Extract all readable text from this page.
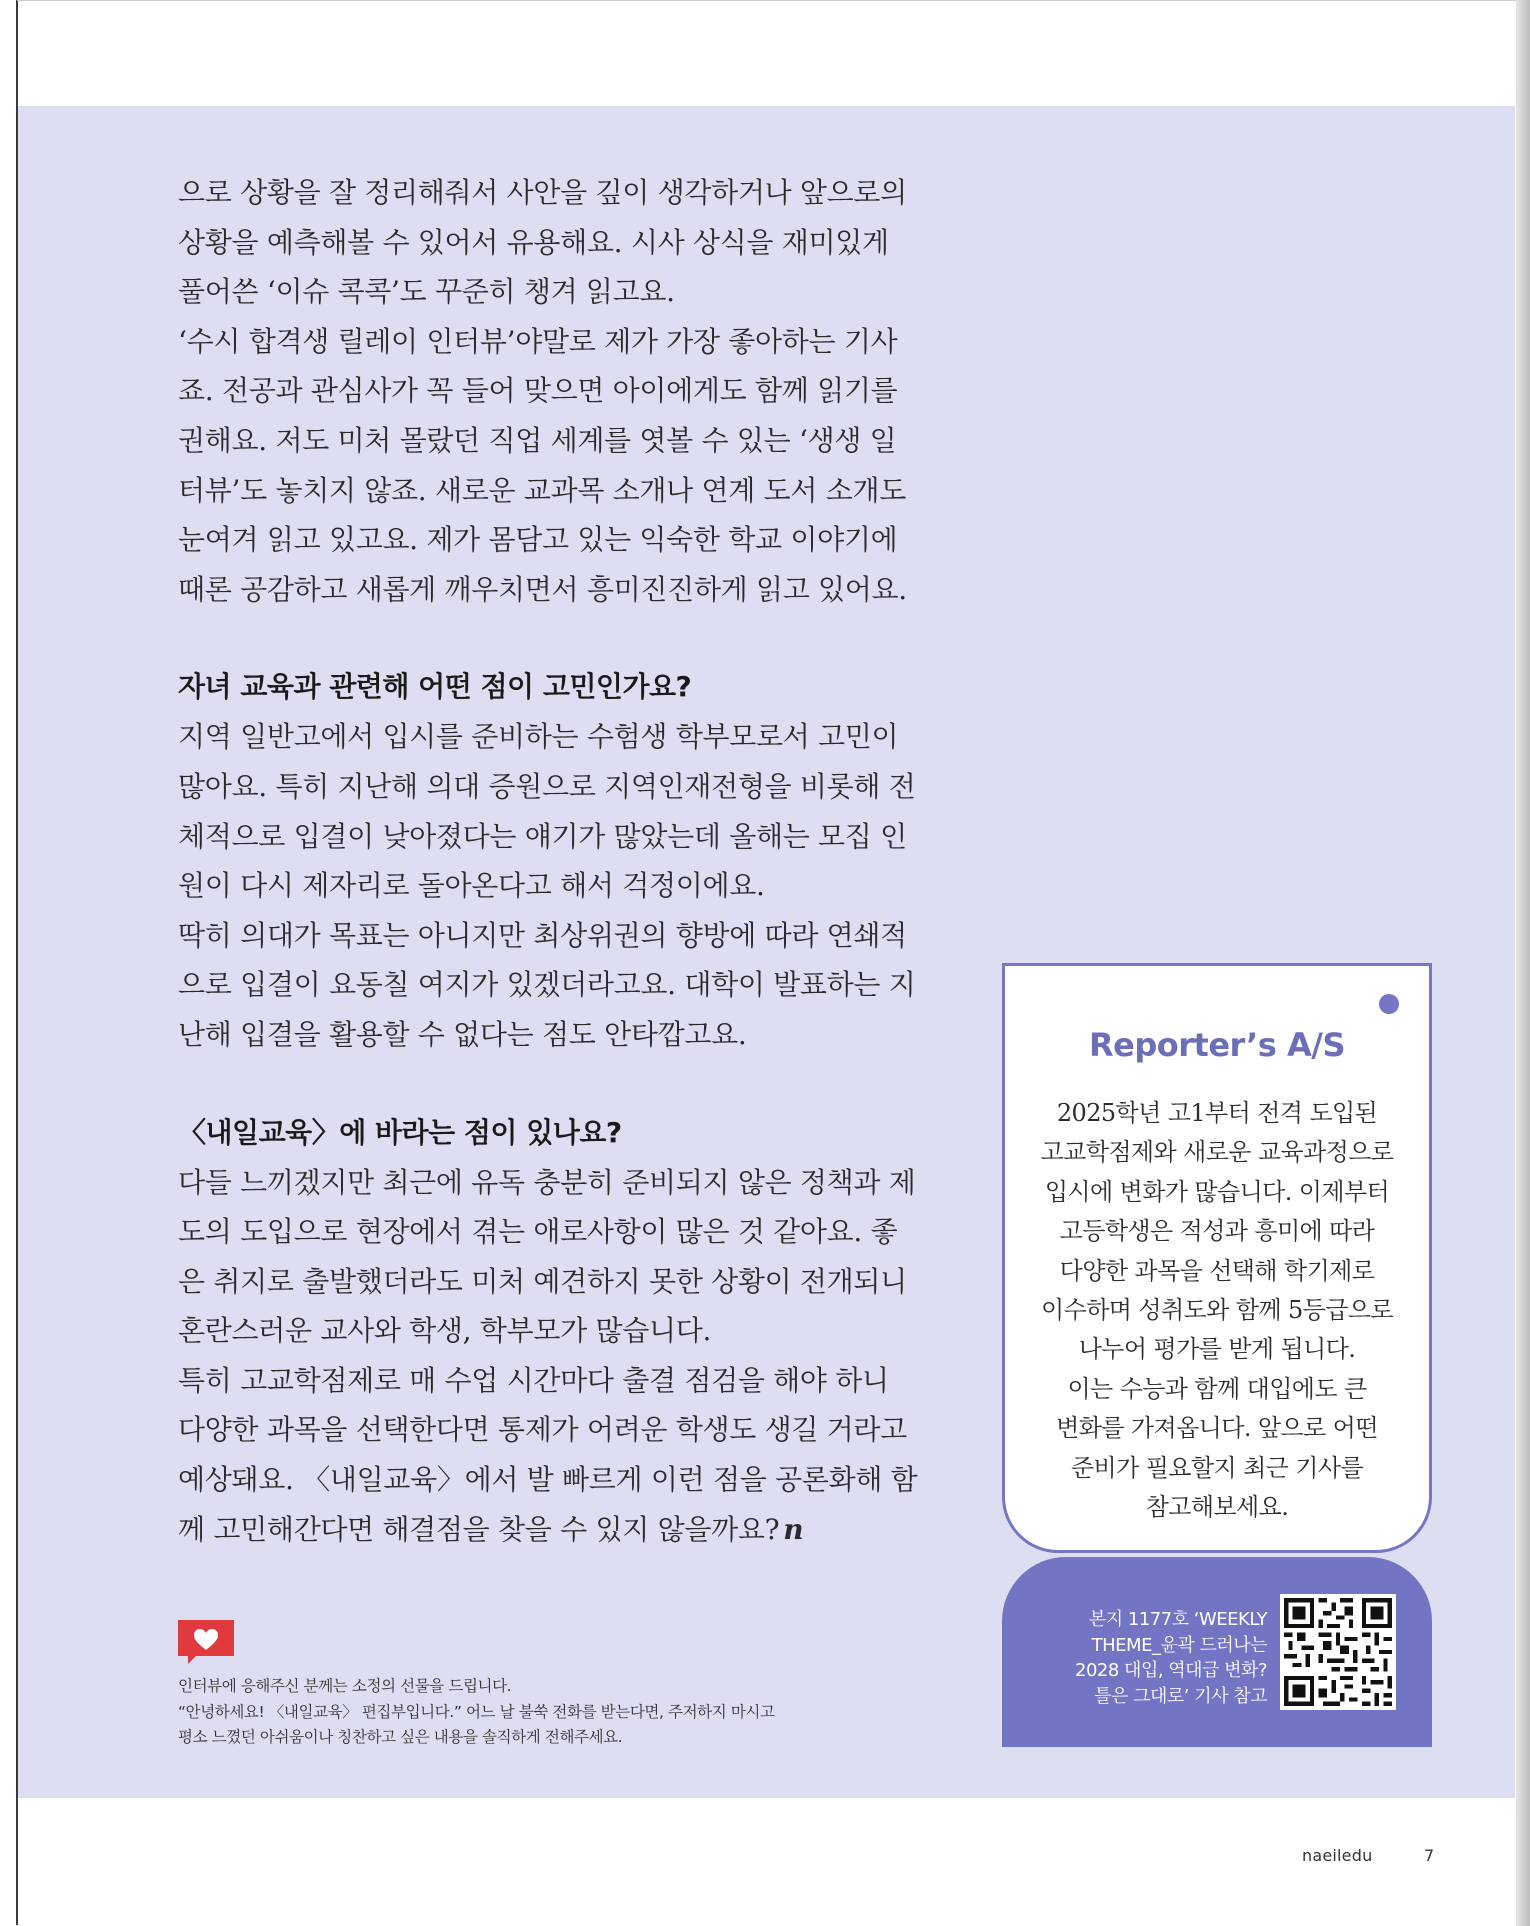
으로 상황을 잘 정리해줘서 사안을 깊이 생각하거나 앞으로의 상황을 예측해볼 수 있어서 유용해요. 시사 상식을 재미있게 풀어쓴 ‘이슈 콕콕’도 꾸준히 챙겨 읽고요.

‘수시 합격생 릴레이 인터뷰’야말로 제가 가장 좋아하는 기사죠. 전공과 관심사가 꼭 들어 맞으면 아이에게도 함께 읽기를 권해요. 저도 미처 몰랐던 직업 세계를 엿볼 수 있는 ‘생생 일터뷰’도 놓치지 않죠. 새로운 교과목 소개나 연계 도서 소개도 눈여겨 읽고 있고요. 제가 몸담고 있는 익숙한 학교 이야기에 때론 공감하고 새롭게 깨우치면서 흥미진진하게 읽고 있어요.

자녀 교육과 관련해 어떤 점이 고민인가요?

지역 일반고에서 입시를 준비하는 수험생 학부모로서 고민이 많아요. 특히 지난해 의대 증원으로 지역인재전형을 비롯해 전체적으로 입결이 낮아졌다는 얘기가 많았는데 올해는 모집 인원이 다시 제자리로 돌아온다고 해서 걱정이에요.

딱히 의대가 목표는 아니지만 최상위권의 향방에 따라 연쇄적으로 입결이 요동칠 여지가 있겠더라고요. 대학이 발표하는 지난해 입결을 활용할 수 없다는 점도 안타깝고요.

〈내일교육〉에 바라는 점이 있나요?

다들 느끼겠지만 최근에 유독 충분히 준비되지 않은 정책과 제도의 도입으로 현장에서 겪는 애로사항이 많은 것 같아요. 좋은 취지로 출발했더라도 미처 예견하지 못한 상황이 전개되니 혼란스러운 교사와 학생, 학부모가 많습니다.

특히 고교학점제로 매 수업 시간마다 출결 점검을 해야 하니 다양한 과목을 선택한다면 통제가 어려운 학생도 생길 거라고 예상돼요. 〈내일교육〉에서 발 빠르게 이런 점을 공론화해 함께 고민해간다면 해결점을 찾을 수 있지 않을까요? n

Reporter’s A/S

2025학년 고1부터 전격 도입된

고교학점제와 새로운 교육과정으로

입시에 변화가 많습니다. 이제부터

고등학생은 적성과 흥미에 따라

다양한 과목을 선택해 학기제로

이수하며 성취도와 함께 5등급으로

나누어 평가를 받게 됩니다.

이는 수능과 함께 대입에도 큰

변화를 가져옵니다. 앞으로 어떤

준비가 필요할지 최근 기사를

참고해보세요.

본지 1177호 ‘WEEKLY

THEME_윤곽 드러나는

2028 대입, 역대급 변화?

틀은 그대로’ 기사 참고

인터뷰에 응해주신 분께는 소정의 선물을 드립니다.

“안녕하세요! 〈내일교육〉 편집부입니다.” 어느 날 불쑥 전화를 받는다면, 주저하지 마시고

평소 느꼈던 아쉬움이나 칭찬하고 싶은 내용을 솔직하게 전해주세요.

naeiledu	7
